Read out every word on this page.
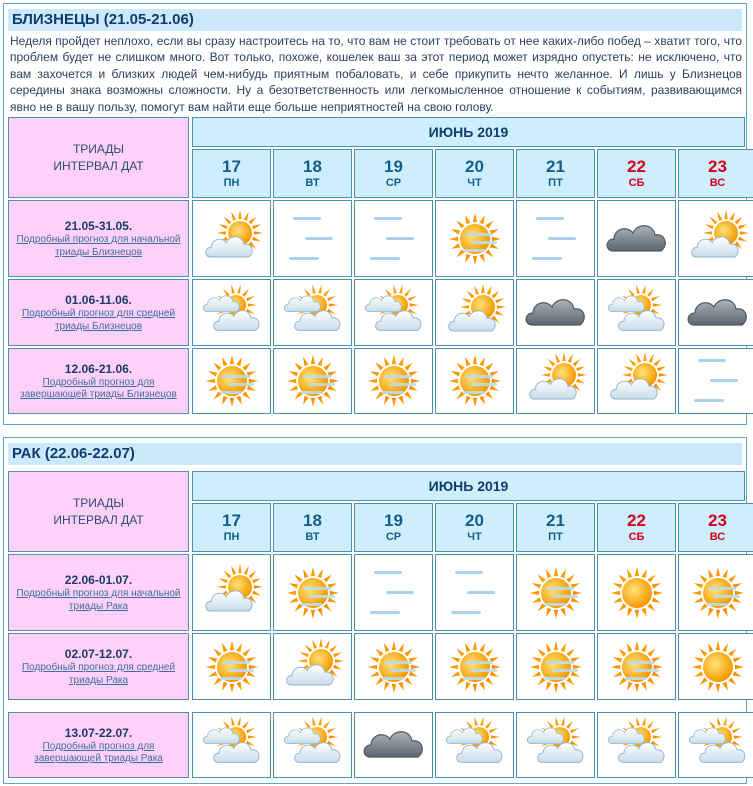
БЛИЗНЕЦЫ (21.05-21.06)

Неделя пройдет неплохо, если вы сразу настроитесь на то, что вам не стоит требовать от нее каких-либо побед – хватит того, что проблем будет не слишком много. Вот только, похоже, кошелек ваш за этот период может изрядно опустеть: не исключено, что вам захочется и близких людей чем-нибудь приятным побаловать, и себе прикупить нечто желанное. И лишь у Близнецов середины знака возможны сложности. Ну а безответственность или легкомысленное отношение к событиям, развивающимся явно не в вашу пользу, помогут вам найти еще больше неприятностей на свою голову.

ТРИАДЫ
ИНТЕРВАЛ ДАТ
ИЮНЬ 2019
17
ПН
18
ВТ
19
СР
20
ЧТ
21
ПТ
22
СБ
23
ВС
21.05-31.05.
Подробный прогноз для начальной триады Близнецов
01.06-11.06.
Подробный прогноз для средней триады Близнецов
12.06-21.06.
Подробный прогноз для завершающей триады Близнецов
РАК (22.06-22.07)
ТРИАДЫ
ИНТЕРВАЛ ДАТ
ИЮНЬ 2019
17
ПН
18
ВТ
19
СР
20
ЧТ
21
ПТ
22
СБ
23
ВС
22.06-01.07.
Подробный прогноз для начальной триады Рака
02.07-12.07.
Подробный прогноз для средней триады Рака
13.07-22.07.
Подробный прогноз для завершающей триады Рака
